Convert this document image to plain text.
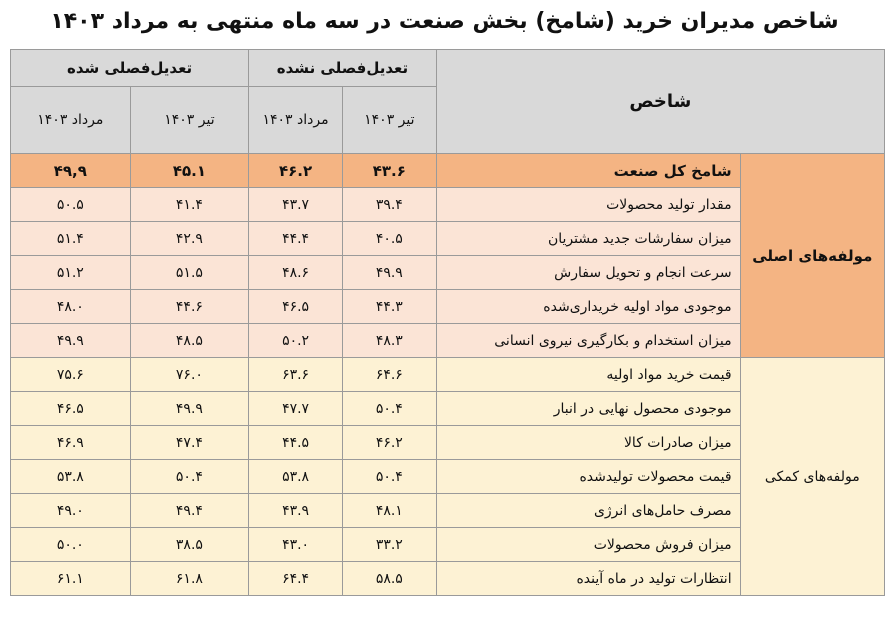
شاخص مدیران خرید (شامخ) بخش صنعت در سه ماه منتهی به مرداد ۱۴۰۳
شاخص		تعدیل‌فصلی نشده		تعدیل‌فصلی شده	
		تیر ۱۴۰۳	مرداد ۱۴۰۳	تیر ۱۴۰۳	مرداد ۱۴۰۳
مولفه‌های اصلی	شامخ کل صنعت	۴۳.۶	۴۶.۲	۴۵.۱	۴۹,۹
	مقدار تولید محصولات	۳۹.۴	۴۳.۷	۴۱.۴	۵۰.۵
	میزان سفارشات جدید مشتریان	۴۰.۵	۴۴.۴	۴۲.۹	۵۱.۴
	سرعت انجام و تحویل سفارش	۴۹.۹	۴۸.۶	۵۱.۵	۵۱.۲
	موجودی مواد اولیه خریداری‌شده	۴۴.۳	۴۶.۵	۴۴.۶	۴۸.۰
	میزان استخدام و بکارگیری نیروی انسانی	۴۸.۳	۵۰.۲	۴۸.۵	۴۹.۹
مولفه‌های کمکی	قیمت خرید مواد اولیه	۶۴.۶	۶۳.۶	۷۶.۰	۷۵.۶
	موجودی محصول نهایی در انبار	۵۰.۴	۴۷.۷	۴۹.۹	۴۶.۵
	میزان صادرات کالا	۴۶.۲	۴۴.۵	۴۷.۴	۴۶.۹
	قیمت محصولات تولیدشده	۵۰.۴	۵۳.۸	۵۰.۴	۵۳.۸
	مصرف حامل‌های انرژی	۴۸.۱	۴۳.۹	۴۹.۴	۴۹.۰
	میزان فروش محصولات	۳۳.۲	۴۳.۰	۳۸.۵	۵۰.۰
	انتظارات تولید در ماه آینده	۵۸.۵	۶۴.۴	۶۱.۸	۶۱.۱
